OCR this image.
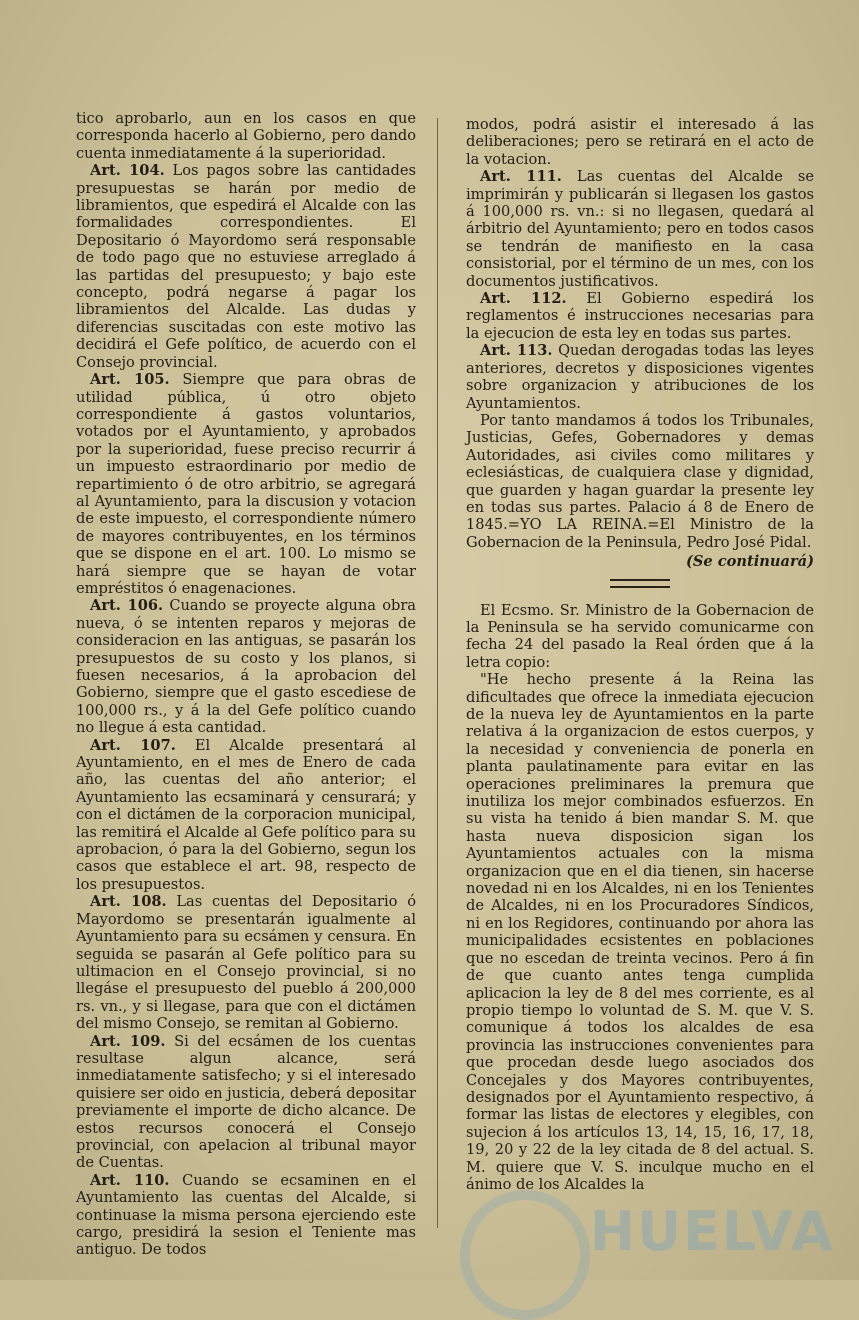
tico aprobarlo, aun en los casos en que corresponda hacerlo al Gobierno, pero dando cuenta inmediatamente á la superioridad.

Art. 104. Los pagos sobre las cantidades presupuestas se harán por medio de libramientos, que espedirá el Alcalde con las formalidades correspondientes. El Depositario ó Mayordomo será responsable de todo pago que no estuviese arreglado á las partidas del presupuesto; y bajo este concepto, podrá negarse á pagar los libramientos del Alcalde. Las dudas y diferencias suscitadas con este motivo las decidirá el Gefe político, de acuerdo con el Consejo provincial.

Art. 105. Siempre que para obras de utilidad pública, ú otro objeto correspondiente á gastos voluntarios, votados por el Ayuntamiento, y aprobados por la superioridad, fuese preciso recurrir á un impuesto estraordinario por medio de repartimiento ó de otro arbitrio, se agregará al Ayuntamiento, para la discusion y votacion de este impuesto, el correspondiente número de mayores contribuyentes, en los términos que se dispone en el art. 100. Lo mismo se hará siempre que se hayan de votar empréstitos ó enagenaciones.

Art. 106. Cuando se proyecte alguna obra nueva, ó se intenten reparos y mejoras de consideracion en las antiguas, se pasarán los presupuestos de su costo y los planos, si fuesen necesarios, á la aprobacion del Gobierno, siempre que el gasto escediese de 100,000 rs., y á la del Gefe político cuando no llegue á esta cantidad.

Art. 107. El Alcalde presentará al Ayuntamiento, en el mes de Enero de cada año, las cuentas del año anterior; el Ayuntamiento las ecsaminará y censurará; y con el dictámen de la corporacion municipal, las remitirá el Alcalde al Gefe político para su aprobacion, ó para la del Gobierno, segun los casos que establece el art. 98, respecto de los presupuestos.

Art. 108. Las cuentas del Depositario ó Mayordomo se presentarán igualmente al Ayuntamiento para su ecsámen y censura. En seguida se pasarán al Gefe político para su ultimacion en el Consejo provincial, si no llegáse el presupuesto del pueblo á 200,000 rs. vn., y si llegase, para que con el dictámen del mismo Consejo, se remitan al Gobierno.

Art. 109. Si del ecsámen de los cuentas resultase algun alcance, será inmediatamente satisfecho; y si el interesado quisiere ser oido en justicia, deberá depositar previamente el importe de dicho alcance. De estos recursos conocerá el Consejo provincial, con apelacion al tribunal mayor de Cuentas.

Art. 110. Cuando se ecsaminen en el Ayuntamiento las cuentas del Alcalde, si continuase la misma persona ejerciendo este cargo, presidirá la sesion el Teniente mas antiguo. De todos

modos, podrá asistir el interesado á las deliberaciones; pero se retirará en el acto de la votacion.

Art. 111. Las cuentas del Alcalde se imprimirán y publicarán si llegasen los gastos á 100,000 rs. vn.: si no llegasen, quedará al árbitrio del Ayuntamiento; pero en todos casos se tendrán de manifiesto en la casa consistorial, por el término de un mes, con los documentos justificativos.

Art. 112. El Gobierno espedirá los reglamentos é instrucciones necesarias para la ejecucion de esta ley en todas sus partes.

Art. 113. Quedan derogadas todas las leyes anteriores, decretos y disposiciones vigentes sobre organizacion y atribuciones de los Ayuntamientos.

Por tanto mandamos á todos los Tribunales, Justicias, Gefes, Gobernadores y demas Autoridades, asi civiles como militares y eclesiásticas, de cualquiera clase y dignidad, que guarden y hagan guardar la presente ley en todas sus partes. Palacio á 8 de Enero de 1845.=YO LA REINA.=El Ministro de la Gobernacion de la Peninsula, Pedro José Pidal.

(Se continuará)

El Ecsmo. Sr. Ministro de la Gobernacion de la Peninsula se ha servido comunicarme con fecha 24 del pasado la Real órden que á la letra copio:

"He hecho presente á la Reina las dificultades que ofrece la inmediata ejecucion de la nueva ley de Ayuntamientos en la parte relativa á la organizacion de estos cuerpos, y la necesidad y conveniencia de ponerla en planta paulatinamente para evitar en las operaciones preliminares la premura que inutiliza los mejor combinados esfuerzos. En su vista ha tenido á bien mandar S. M. que hasta nueva disposicion sigan los Ayuntamientos actuales con la misma organizacion que en el dia tienen, sin hacerse novedad ni en los Alcaldes, ni en los Tenientes de Alcaldes, ni en los Procuradores Síndicos, ni en los Regidores, continuando por ahora las municipalidades ecsistentes en poblaciones que no escedan de treinta vecinos. Pero á fin de que cuanto antes tenga cumplida aplicacion la ley de 8 del mes corriente, es al propio tiempo lo voluntad de S. M. que V. S. comunique á todos los alcaldes de esa provincia las instrucciones convenientes para que procedan desde luego asociados dos Concejales y dos Mayores contribuyentes, designados por el Ayuntamiento respectivo, á formar las listas de electores y elegibles, con sujecion á los artículos 13, 14, 15, 16, 17, 18, 19, 20 y 22 de la ley citada de 8 del actual. S. M. quiere que V. S. inculque mucho en el ánimo de los Alcaldes la

HUELVA
